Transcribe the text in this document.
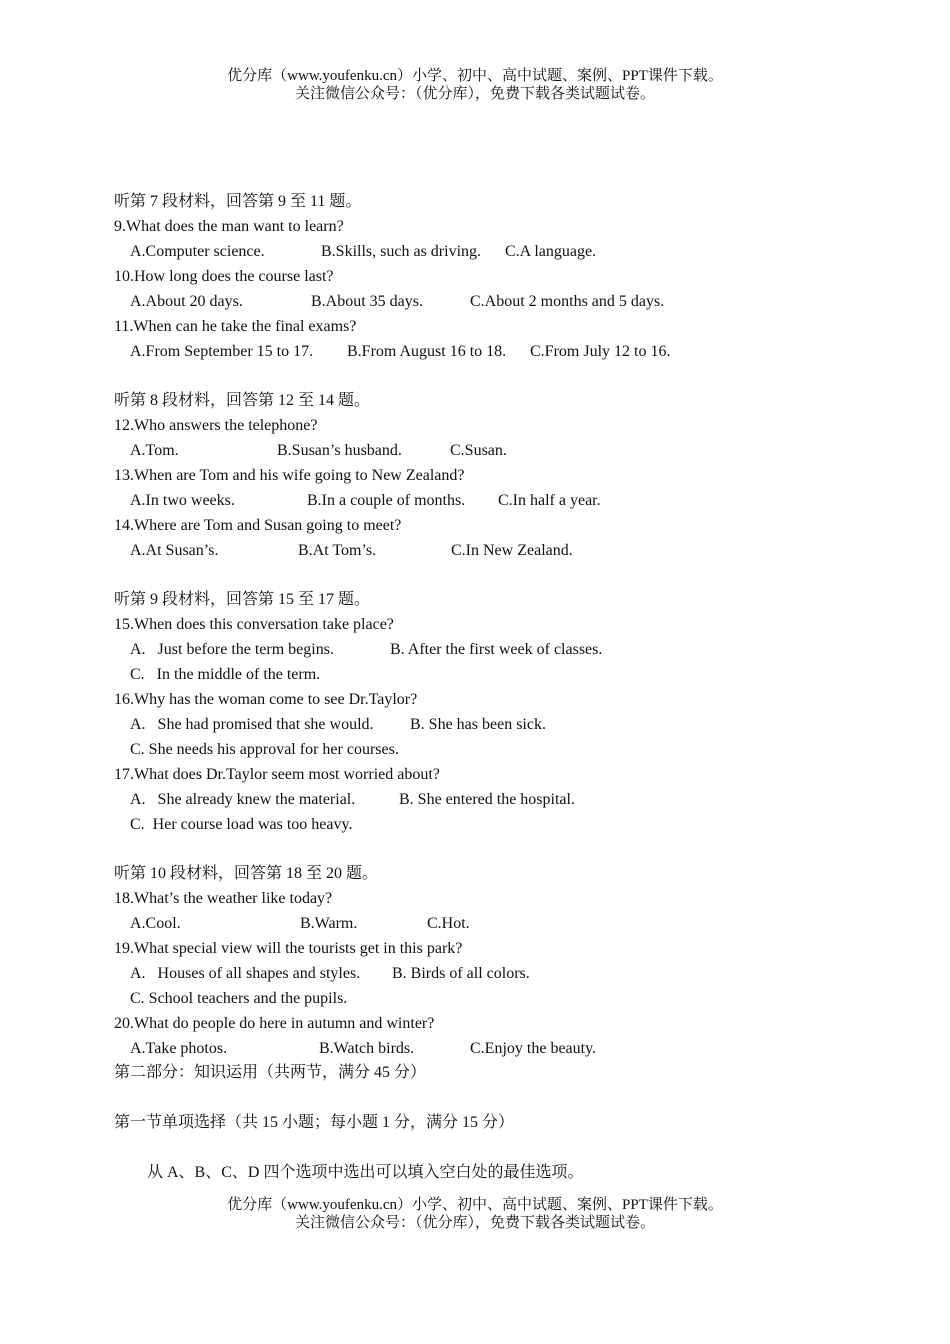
优分库（www.youfenku.cn）小学、初中、高中试题、案例、PPT课件下载。
关注微信公众号：（优分库），免费下载各类试题试卷。
听第 7 段材料，回答第 9 至 11 题。
9.What does the man want to learn?
A.Computer science.	B.Skills, such as driving. C.A language.
10.How long does the course last?
A.About 20 days.	B.About 35 days.	C.About 2 months and 5 days.
11.When can he take the final exams?
A.From September 15 to 17. B.From August 16 to 18. C.From July 12 to 16.
听第 8 段材料，回答第 12 至 14 题。
12.Who answers the telephone?
A.Tom.	B.Susan’s husband.	C.Susan.
13.When are Tom and his wife going to New Zealand?
A.In two weeks.	B.In a couple of months. C.In half a year.
14.Where are Tom and Susan going to meet?
A.At Susan’s.	B.At Tom’s.	C.In New Zealand.
听第 9 段材料，回答第 15 至 17 题。
15.When does this conversation take place?
A.   Just before the term begins.	B. After the first week of classes.
C.   In the middle of the term.
16.Why has the woman come to see Dr.Taylor?
A.   She had promised that she would. B. She has been sick.
C. She needs his approval for her courses.
17.What does Dr.Taylor seem most worried about?
A.   She already knew the material.	B. She entered the hospital.
C.  Her course load was too heavy.
听第 10 段材料，回答第 18 至 20 题。
18.What’s the weather like today?
A.Cool.	B.Warm.	C.Hot.
19.What special view will the tourists get in this park?
A.   Houses of all shapes and styles. B. Birds of all colors.
C. School teachers and the pupils.
20.What do people do here in autumn and winter?
A.Take photos.	B.Watch birds.	C.Enjoy the beauty.
第二部分：知识运用（共两节，满分 45 分）
第一节单项选择（共 15 小题；每小题 1 分，满分 15 分）
从 A、B、C、D 四个选项中选出可以填入空白处的最佳选项。
优分库（www.youfenku.cn）小学、初中、高中试题、案例、PPT课件下载。
关注微信公众号：（优分库），免费下载各类试题试卷。
